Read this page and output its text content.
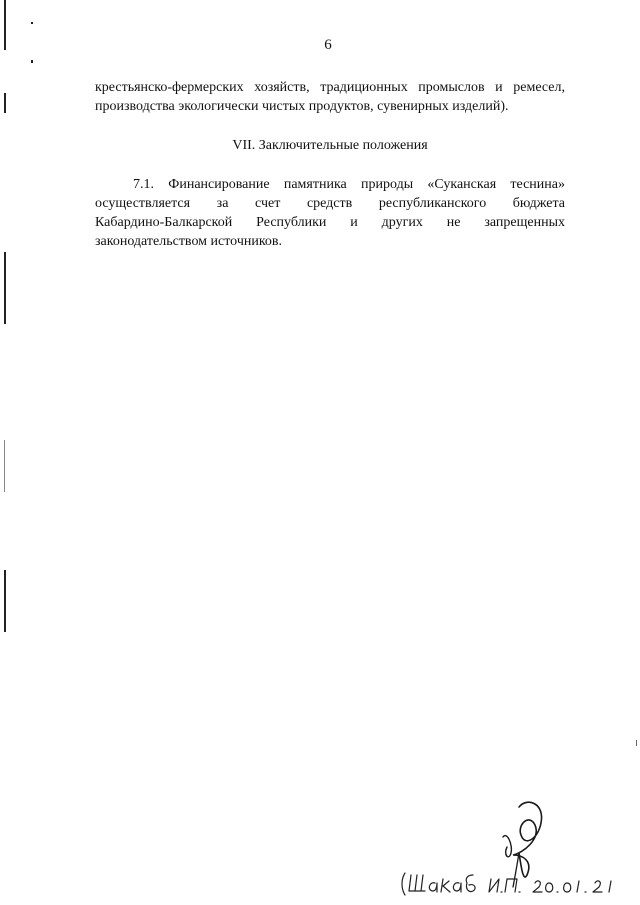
6

крестьянско-фермерских хозяйств, традиционных промыслов и ремесел,
производства экологически чистых продуктов, сувенирных изделий).
VII. Заключительные положения
7.1. Финансирование памятника природы «Суканская теснина»
осуществляется за счет средств республиканского бюджета
Кабардино-Балкарской Республики и других не запрещенных
законодательством источников.
